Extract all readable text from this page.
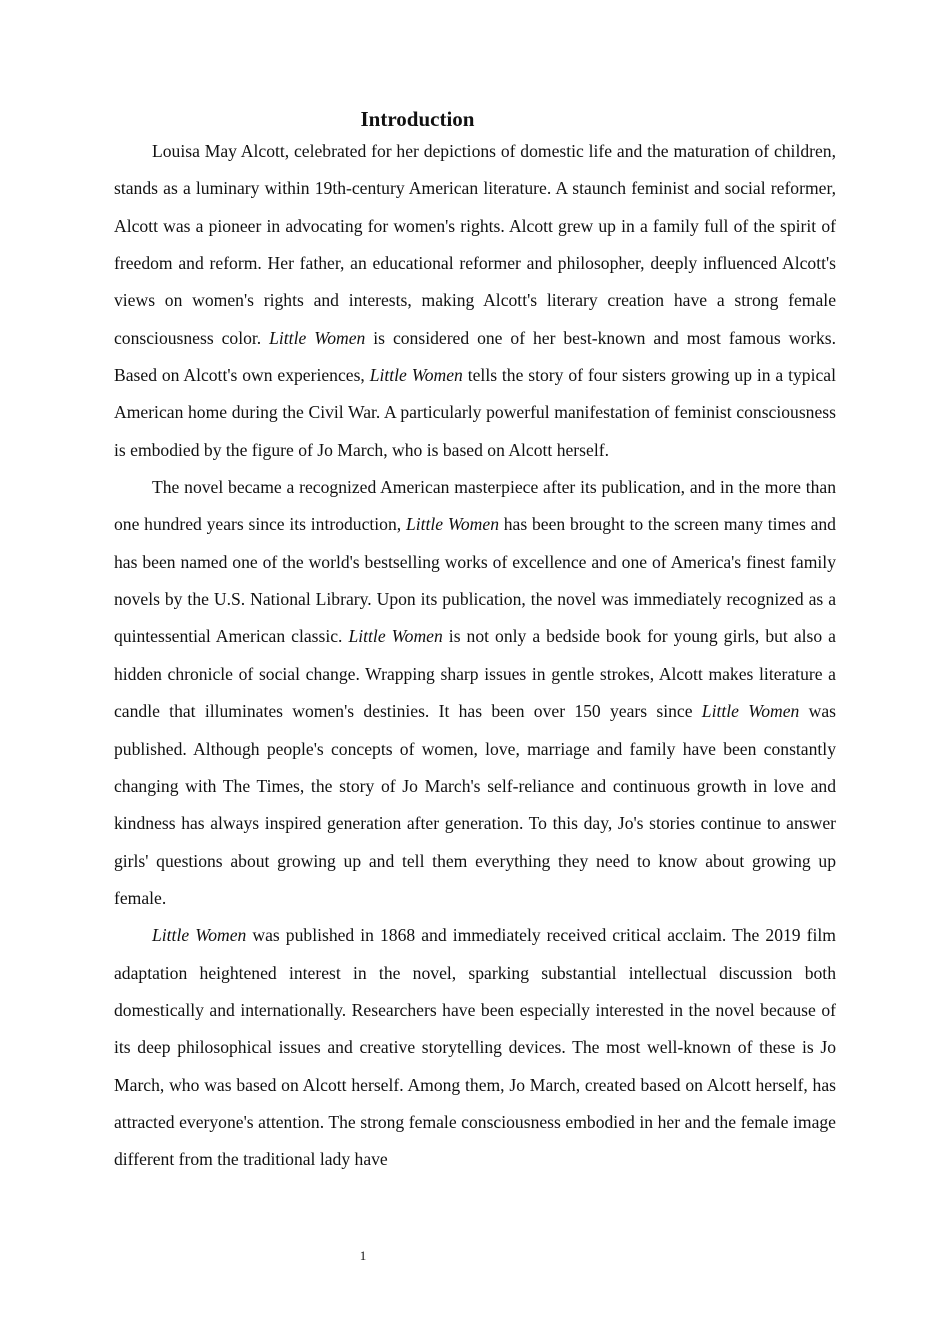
Introduction

Louisa May Alcott, celebrated for her depictions of domestic life and the maturation of children, stands as a luminary within 19th-century American literature. A staunch feminist and social reformer, Alcott was a pioneer in advocating for women's rights. Alcott grew up in a family full of the spirit of freedom and reform. Her father, an educational reformer and philosopher, deeply influenced Alcott's views on women's rights and interests, making Alcott's literary creation have a strong female consciousness color. Little Women is considered one of her best-known and most famous works. Based on Alcott's own experiences, Little Women tells the story of four sisters growing up in a typical American home during the Civil War. A particularly powerful manifestation of feminist consciousness is embodied by the figure of Jo March, who is based on Alcott herself.

The novel became a recognized American masterpiece after its publication, and in the more than one hundred years since its introduction, Little Women has been brought to the screen many times and has been named one of the world's bestselling works of excellence and one of America's finest family novels by the U.S. National Library. Upon its publication, the novel was immediately recognized as a quintessential American classic. Little Women is not only a bedside book for young girls, but also a hidden chronicle of social change. Wrapping sharp issues in gentle strokes, Alcott makes literature a candle that illuminates women's destinies. It has been over 150 years since Little Women was published. Although people's concepts of women, love, marriage and family have been constantly changing with The Times, the story of Jo March's self-reliance and continuous growth in love and kindness has always inspired generation after generation. To this day, Jo's stories continue to answer girls' questions about growing up and tell them everything they need to know about growing up female.

Little Women was published in 1868 and immediately received critical acclaim. The 2019 film adaptation heightened interest in the novel, sparking substantial intellectual discussion both domestically and internationally. Researchers have been especially interested in the novel because of its deep philosophical issues and creative storytelling devices. The most well-known of these is Jo March, who was based on Alcott herself. Among them, Jo March, created based on Alcott herself, has attracted everyone's attention. The strong female consciousness embodied in her and the female image different from the traditional lady have

1
